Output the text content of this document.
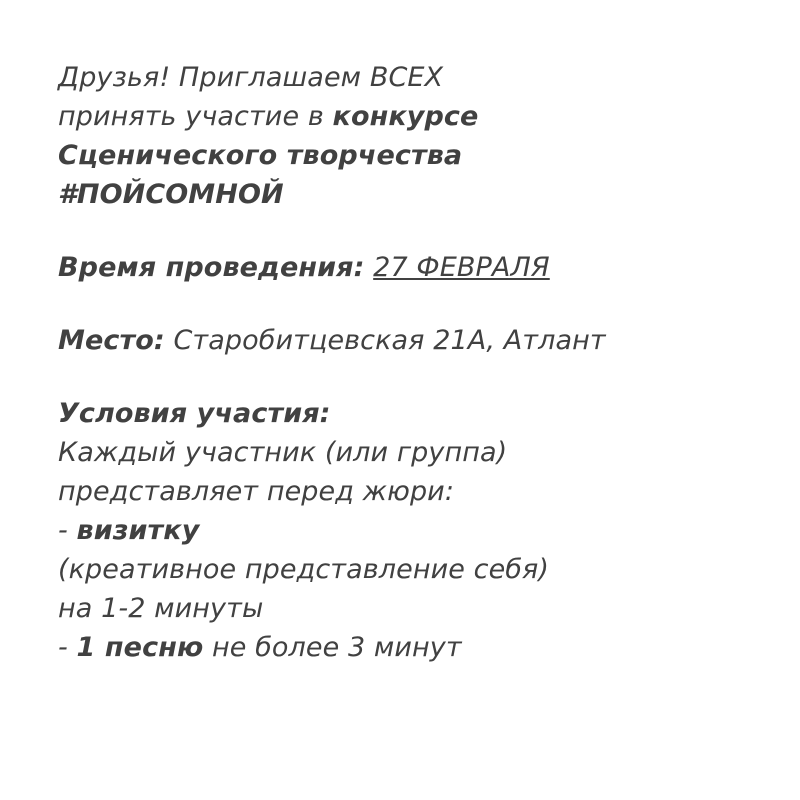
Друзья! Приглашаем ВСЕХ
принять участие в конкурсе
Сценического творчества
#ПОЙСОМНОЙ
Время проведения: 27 ФЕВРАЛЯ
Место: Старобитцевская 21А, Атлант
Условия участия:
Каждый участник (или группа)
представляет перед жюри:
- визитку
(креативное представление себя)
на 1-2 минуты
- 1 песню не более 3 минут
